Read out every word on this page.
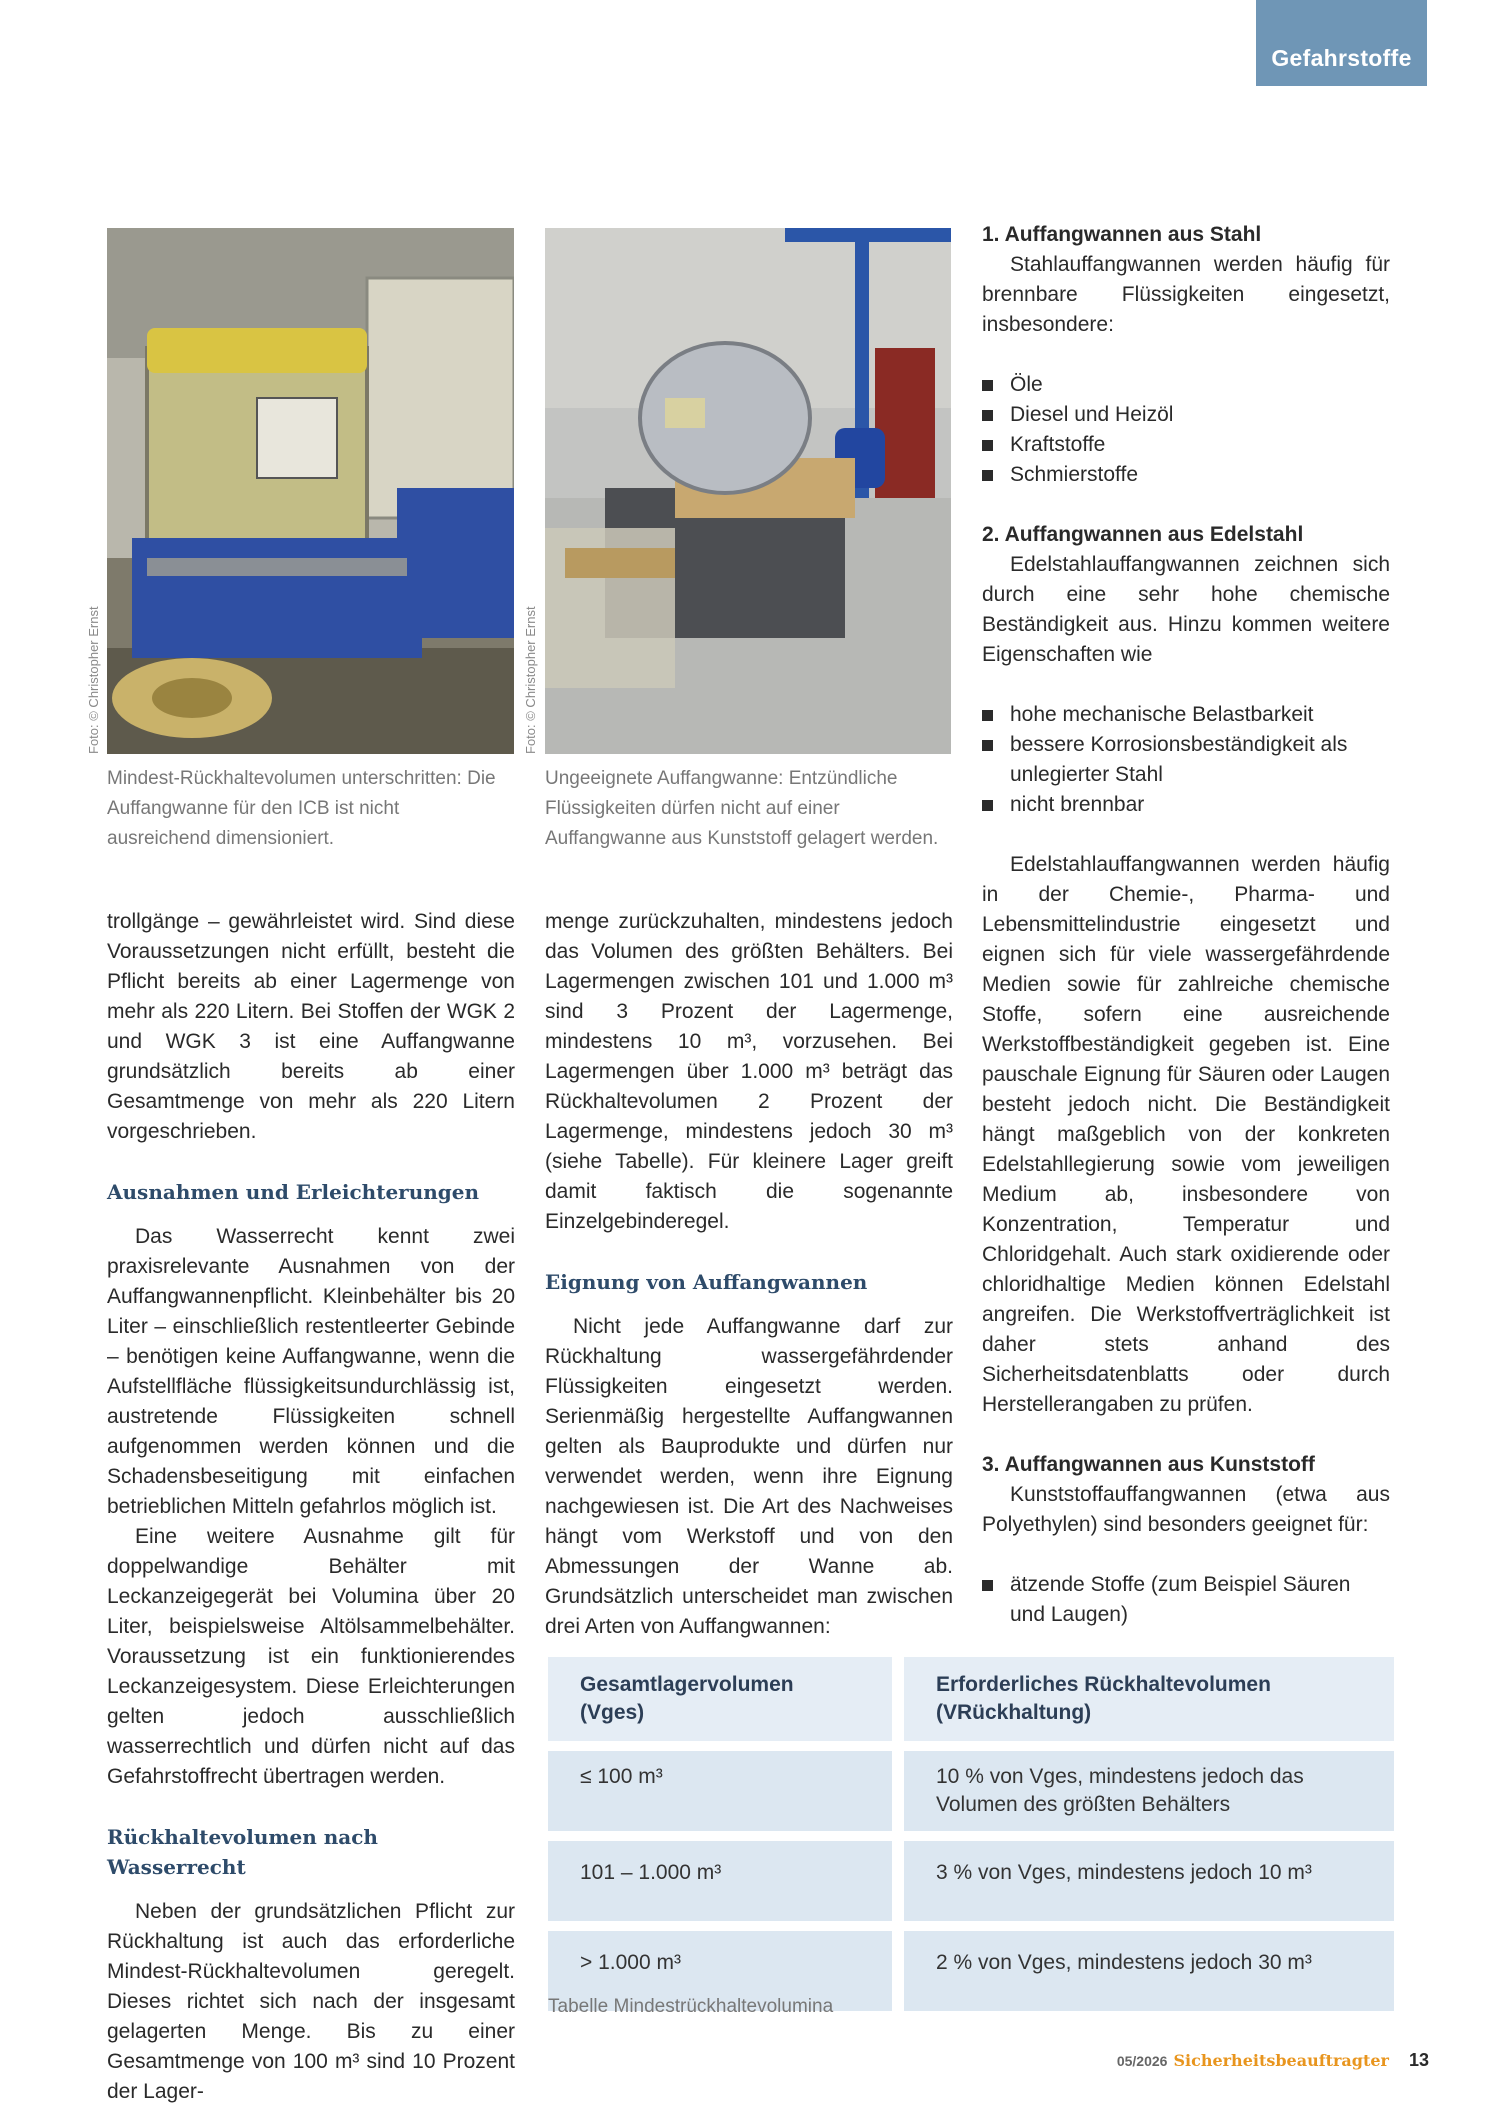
Gefahrstoffe
Foto: © Christopher Ernst
Mindest-Rückhaltevolumen unterschritten: Die Auffangwanne für den ICB ist nicht ausreichend dimensioniert.
Foto: © Christopher Ernst
Ungeeignete Auffangwanne: Entzündliche Flüssigkeiten dürfen nicht auf einer Auffangwanne aus Kunststoff gelagert werden.

trollgänge – gewährleistet wird. Sind diese Voraussetzungen nicht erfüllt, besteht die Pflicht bereits ab einer Lagermenge von mehr als 220 Litern. Bei Stoffen der WGK 2 und WGK 3 ist eine Auffangwanne grundsätzlich bereits ab einer Gesamtmenge von mehr als 220 Litern vorgeschrieben.

Ausnahmen und Erleichterungen

Das Wasserrecht kennt zwei praxisrelevante Ausnahmen von der Auffangwannenpflicht. Kleinbehälter bis 20 Liter – einschließlich restentleerter Gebinde – benötigen keine Auffangwanne, wenn die Aufstellfläche flüssigkeitsundurchlässig ist, austretende Flüssigkeiten schnell aufgenommen werden können und die Schadensbeseitigung mit einfachen betrieblichen Mitteln gefahrlos möglich ist.

Eine weitere Ausnahme gilt für doppelwandige Behälter mit Leckanzeigegerät bei Volumina über 20 Liter, beispielsweise Altölsammelbehälter. Voraussetzung ist ein funktionierendes Leckanzeigesystem. Diese Erleichterungen gelten jedoch ausschließlich wasserrechtlich und dürfen nicht auf das Gefahrstoffrecht übertragen werden.

Rückhaltevolumen nach Wasserrecht

Neben der grundsätzlichen Pflicht zur Rückhaltung ist auch das erforderliche Mindest-Rückhaltevolumen geregelt. Dieses richtet sich nach der insgesamt gelagerten Menge. Bis zu einer Gesamtmenge von 100 m³ sind 10 Prozent der Lager-

menge zurückzuhalten, mindestens jedoch das Volumen des größten Behälters. Bei Lagermengen zwischen 101 und 1.000 m³ sind 3 Prozent der Lagermenge, mindestens 10 m³, vorzusehen. Bei Lagermengen über 1.000 m³ beträgt das Rückhaltevolumen 2 Prozent der Lagermenge, mindestens jedoch 30 m³ (siehe Tabelle). Für kleinere Lager greift damit faktisch die sogenannte Einzelgebinderegel.

Eignung von Auffangwannen

Nicht jede Auffangwanne darf zur Rückhaltung wassergefährdender Flüssigkeiten eingesetzt werden. Serienmäßig hergestellte Auffangwannen gelten als Bauprodukte und dürfen nur verwendet werden, wenn ihre Eignung nachgewiesen ist. Die Art des Nachweises hängt vom Werkstoff und von den Abmessungen der Wanne ab. Grundsätzlich unterscheidet man zwischen drei Arten von Auffangwannen:

1. Auffangwannen aus Stahl

Stahlauffangwannen werden häufig für brennbare Flüssigkeiten eingesetzt, insbesondere:

Öle
Diesel und Heizöl
Kraftstoffe
Schmierstoffe
2. Auffangwannen aus Edelstahl

Edelstahlauffangwannen zeichnen sich durch eine sehr hohe chemische Beständigkeit aus. Hinzu kommen weitere Eigenschaften wie

hohe mechanische Belastbarkeit
bessere Korrosionsbeständigkeit als unlegierter Stahl
nicht brennbar

Edelstahlauffangwannen werden häufig in der Chemie-, Pharma- und Lebensmittelindustrie eingesetzt und eignen sich für viele wassergefährdende Medien sowie für zahlreiche chemische Stoffe, sofern eine ausreichende Werkstoffbeständigkeit gegeben ist. Eine pauschale Eignung für Säuren oder Laugen besteht jedoch nicht. Die Beständigkeit hängt maßgeblich von der konkreten Edelstahllegierung sowie vom jeweiligen Medium ab, insbesondere von Konzentration, Temperatur und Chloridgehalt. Auch stark oxidierende oder chloridhaltige Medien können Edelstahl angreifen. Die Werkstoffverträglichkeit ist daher stets anhand des Sicherheitsdatenblatts oder durch Herstellerangaben zu prüfen.

3. Auffangwannen aus Kunststoff

Kunststoffauffangwannen (etwa aus Polyethylen) sind besonders geeignet für:

ätzende Stoffe (zum Beispiel Säuren und Laugen)
Gesamtlagervolumen (Vges)
Erforderliches Rückhaltevolumen (VRückhaltung)
≤ 100 m³	10 % von Vges, mindestens jedoch das Volumen des größten Behälters
101 – 1.000 m³	3 % von Vges, mindestens jedoch 10 m³
> 1.000 m³	2 % von Vges, mindestens jedoch 30 m³
Tabelle Mindestrückhaltevolumina
05/2026 Sicherheitsbeauftragter 13
